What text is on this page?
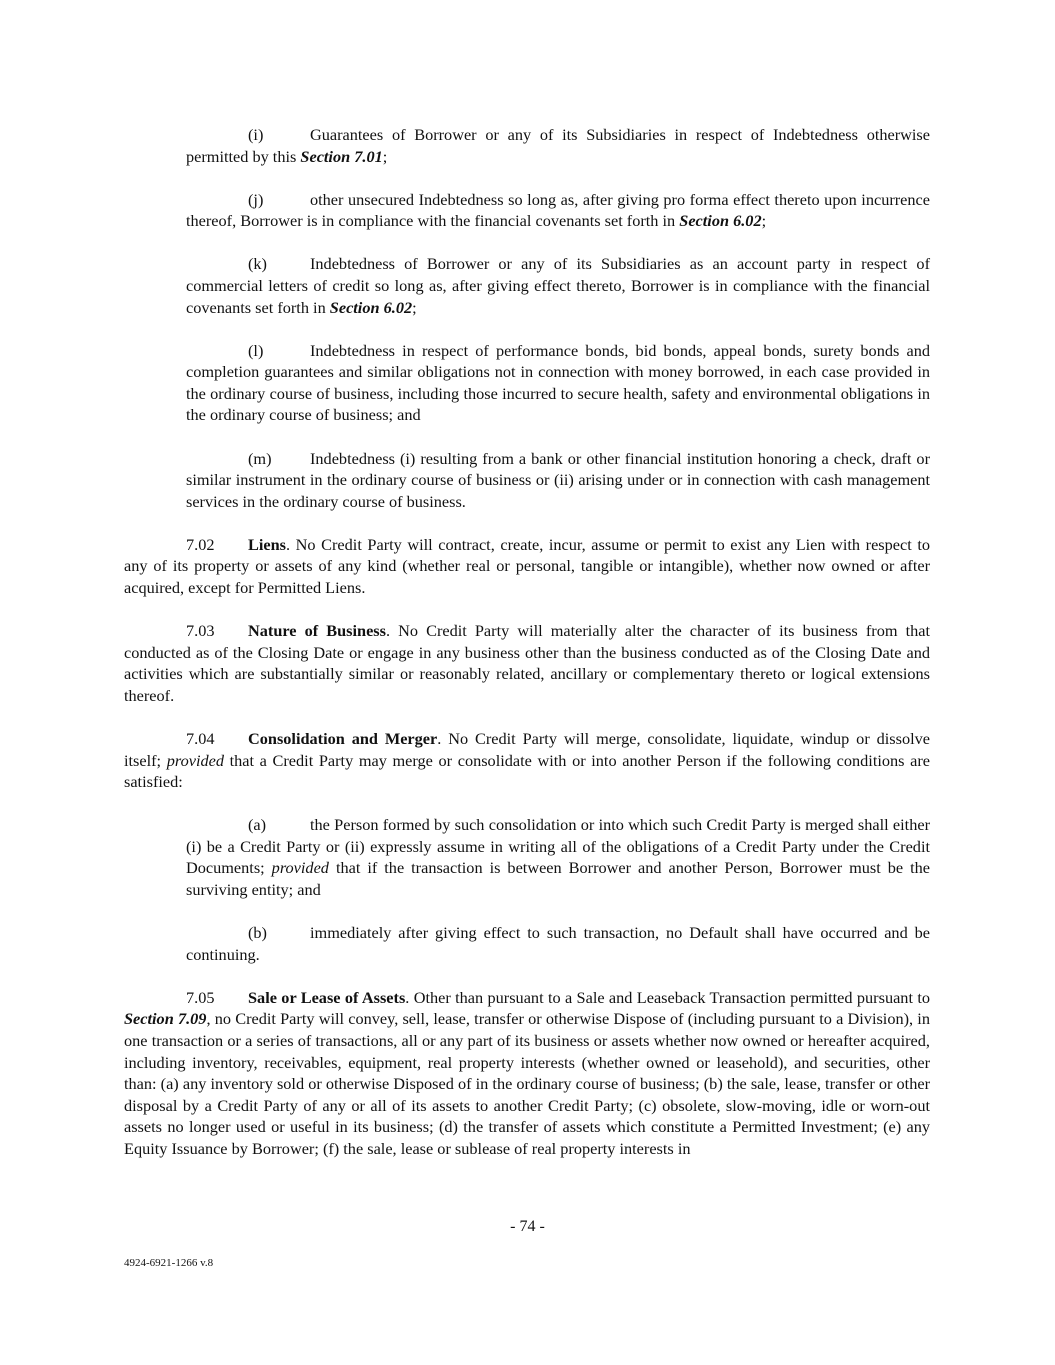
(i)	Guarantees of Borrower or any of its Subsidiaries in respect of Indebtedness otherwise permitted by this Section 7.01;

(j)	other unsecured Indebtedness so long as, after giving pro forma effect thereto upon incurrence thereof, Borrower is in compliance with the financial covenants set forth in Section 6.02;

(k)	Indebtedness of Borrower or any of its Subsidiaries as an account party in respect of commercial letters of credit so long as, after giving effect thereto, Borrower is in compliance with the financial covenants set forth in Section 6.02;

(l)	Indebtedness in respect of performance bonds, bid bonds, appeal bonds, surety bonds and completion guarantees and similar obligations not in connection with money borrowed, in each case provided in the ordinary course of business, including those incurred to secure health, safety and environmental obligations in the ordinary course of business; and

(m) Indebtedness (i) resulting from a bank or other financial institution honoring a check, draft or similar instrument in the ordinary course of business or (ii) arising under or in connection with cash management services in the ordinary course of business.

7.02 Liens. No Credit Party will contract, create, incur, assume or permit to exist any Lien with respect to any of its property or assets of any kind (whether real or personal, tangible or intangible), whether now owned or after acquired, except for Permitted Liens.

7.03 Nature of Business. No Credit Party will materially alter the character of its business from that conducted as of the Closing Date or engage in any business other than the business conducted as of the Closing Date and activities which are substantially similar or reasonably related, ancillary or complementary thereto or logical extensions thereof.

7.04 Consolidation and Merger. No Credit Party will merge, consolidate, liquidate, windup or dissolve itself; provided that a Credit Party may merge or consolidate with or into another Person if the following conditions are satisfied:

(a)	the Person formed by such consolidation or into which such Credit Party is merged shall either (i) be a Credit Party or (ii) expressly assume in writing all of the obligations of a Credit Party under the Credit Documents; provided that if the transaction is between Borrower and another Person, Borrower must be the surviving entity; and

(b)	immediately after giving effect to such transaction, no Default shall have occurred and be continuing.

7.05 Sale or Lease of Assets. Other than pursuant to a Sale and Leaseback Transaction permitted pursuant to Section 7.09, no Credit Party will convey, sell, lease, transfer or otherwise Dispose of (including pursuant to a Division), in one transaction or a series of transactions, all or any part of its business or assets whether now owned or hereafter acquired, including inventory, receivables, equipment, real property interests (whether owned or leasehold), and securities, other than: (a) any inventory sold or otherwise Disposed of in the ordinary course of business; (b) the sale, lease, transfer or other disposal by a Credit Party of any or all of its assets to another Credit Party; (c) obsolete, slow-moving, idle or worn-out assets no longer used or useful in its business; (d) the transfer of assets which constitute a Permitted Investment; (e) any Equity Issuance by Borrower; (f) the sale, lease or sublease of real property interests in

- 74 -
4924-6921-1266 v.8
